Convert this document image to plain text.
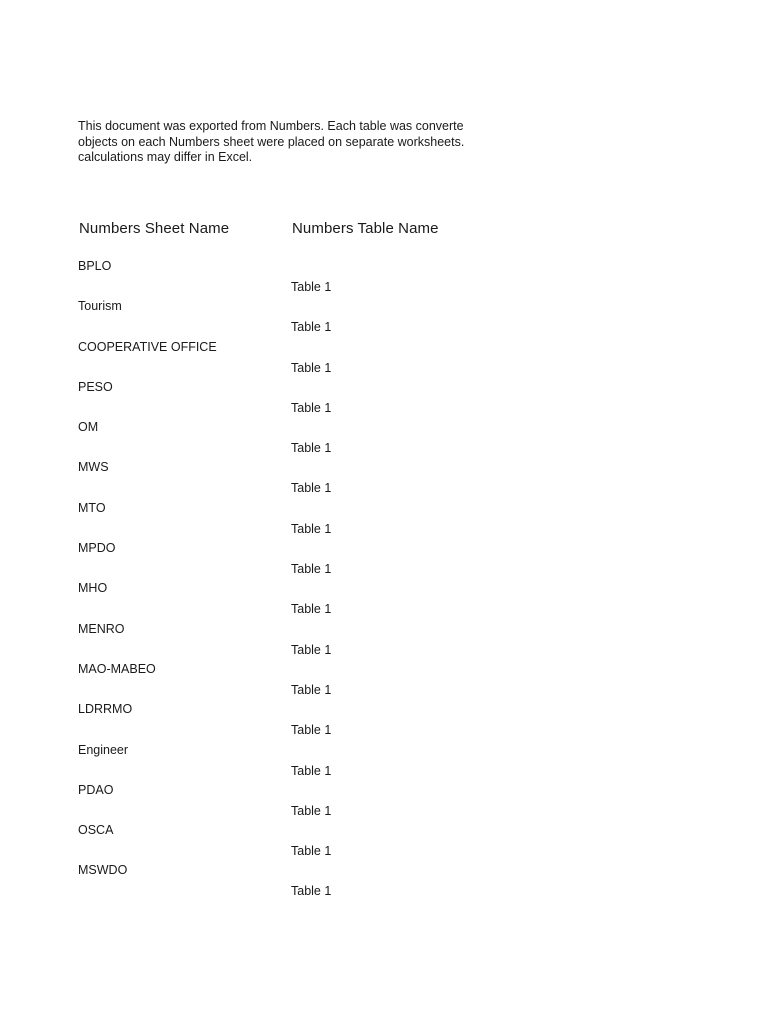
This document was exported from Numbers. Each table was converte
objects on each Numbers sheet were placed on separate worksheets.
calculations may differ in Excel.
Numbers Sheet Name	Numbers Table Name
BPLO
Table 1
Tourism
Table 1
COOPERATIVE OFFICE
Table 1
PESO
Table 1
OM
Table 1
MWS
Table 1
MTO
Table 1
MPDO
Table 1
MHO
Table 1
MENRO
Table 1
MAO-MABEO
Table 1
LDRRMO
Table 1
Engineer
Table 1
PDAO
Table 1
OSCA
Table 1
MSWDO
Table 1
